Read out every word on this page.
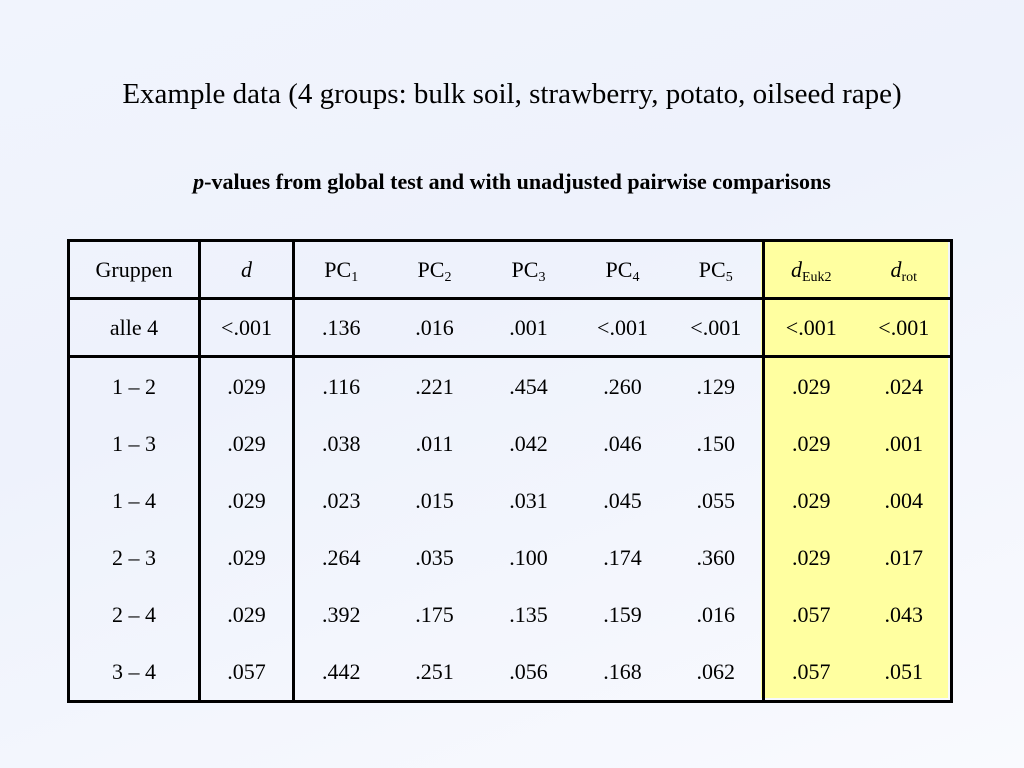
Example data (4 groups: bulk soil, strawberry, potato, oilseed rape)
p-values from global test and with unadjusted pairwise comparisons
Gruppen	d	$PC_1$	$PC_2$	$PC_3$	$PC_4$	$PC_5$	$d_{Euk2}$	$d_{rot}$
alle 4	<.001	.136	.016	.001	<.001	<.001	<.001	<.001
1 – 2	.029	.116	.221	.454	.260	.129	.029	.024
1 – 3	.029	.038	.011	.042	.046	.150	.029	.001
1 – 4	.029	.023	.015	.031	.045	.055	.029	.004
2 – 3	.029	.264	.035	.100	.174	.360	.029	.017
2 – 4	.029	.392	.175	.135	.159	.016	.057	.043
3 – 4	.057	.442	.251	.056	.168	.062	.057	.051
